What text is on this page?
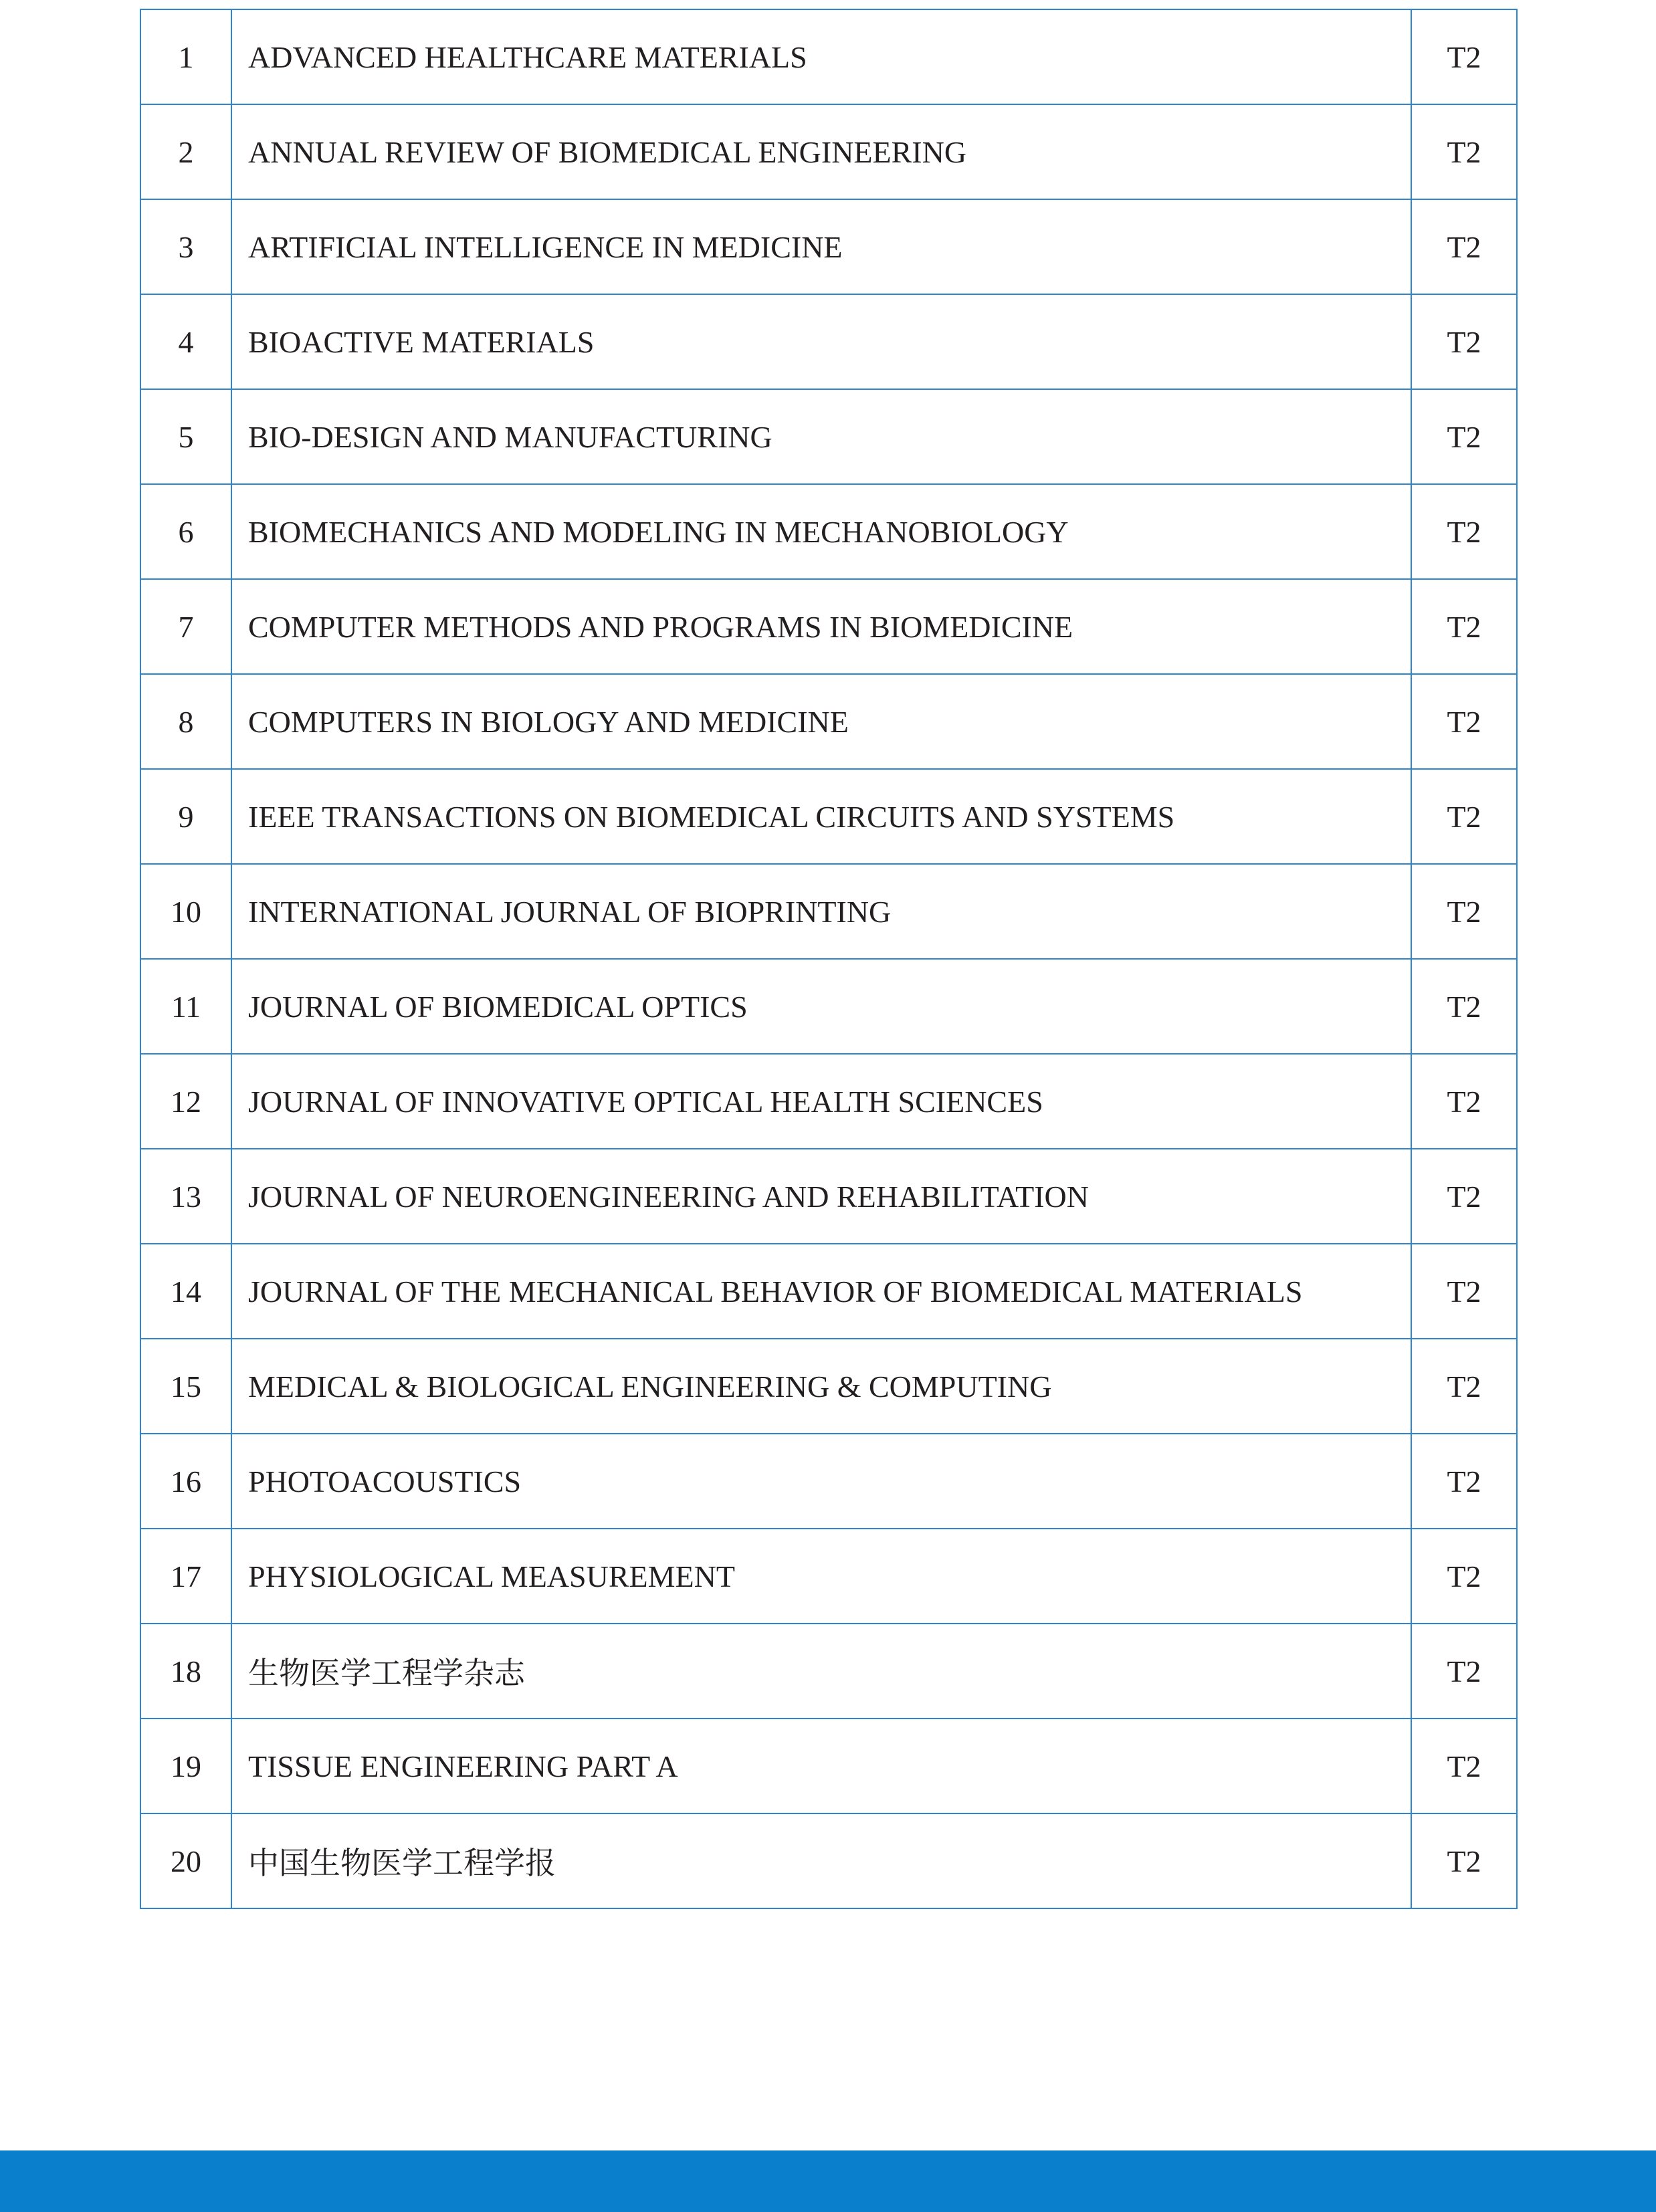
1	ADVANCED HEALTHCARE MATERIALS	T2
2	ANNUAL REVIEW OF BIOMEDICAL ENGINEERING	T2
3	ARTIFICIAL INTELLIGENCE IN MEDICINE	T2
4	BIOACTIVE MATERIALS	T2
5	BIO-DESIGN AND MANUFACTURING	T2
6	BIOMECHANICS AND MODELING IN MECHANOBIOLOGY	T2
7	COMPUTER METHODS AND PROGRAMS IN BIOMEDICINE	T2
8	COMPUTERS IN BIOLOGY AND MEDICINE	T2
9	IEEE TRANSACTIONS ON BIOMEDICAL CIRCUITS AND SYSTEMS	T2
10	INTERNATIONAL JOURNAL OF BIOPRINTING	T2
11	JOURNAL OF BIOMEDICAL OPTICS	T2
12	JOURNAL OF INNOVATIVE OPTICAL HEALTH SCIENCES	T2
13	JOURNAL OF NEUROENGINEERING AND REHABILITATION	T2
14	JOURNAL OF THE MECHANICAL BEHAVIOR OF BIOMEDICAL MATERIALS	T2
15	MEDICAL & BIOLOGICAL ENGINEERING & COMPUTING	T2
16	PHOTOACOUSTICS	T2
17	PHYSIOLOGICAL MEASUREMENT	T2
18	生物医学工程学杂志	T2
19	TISSUE ENGINEERING PART A	T2
20	中国生物医学工程学报	T2
